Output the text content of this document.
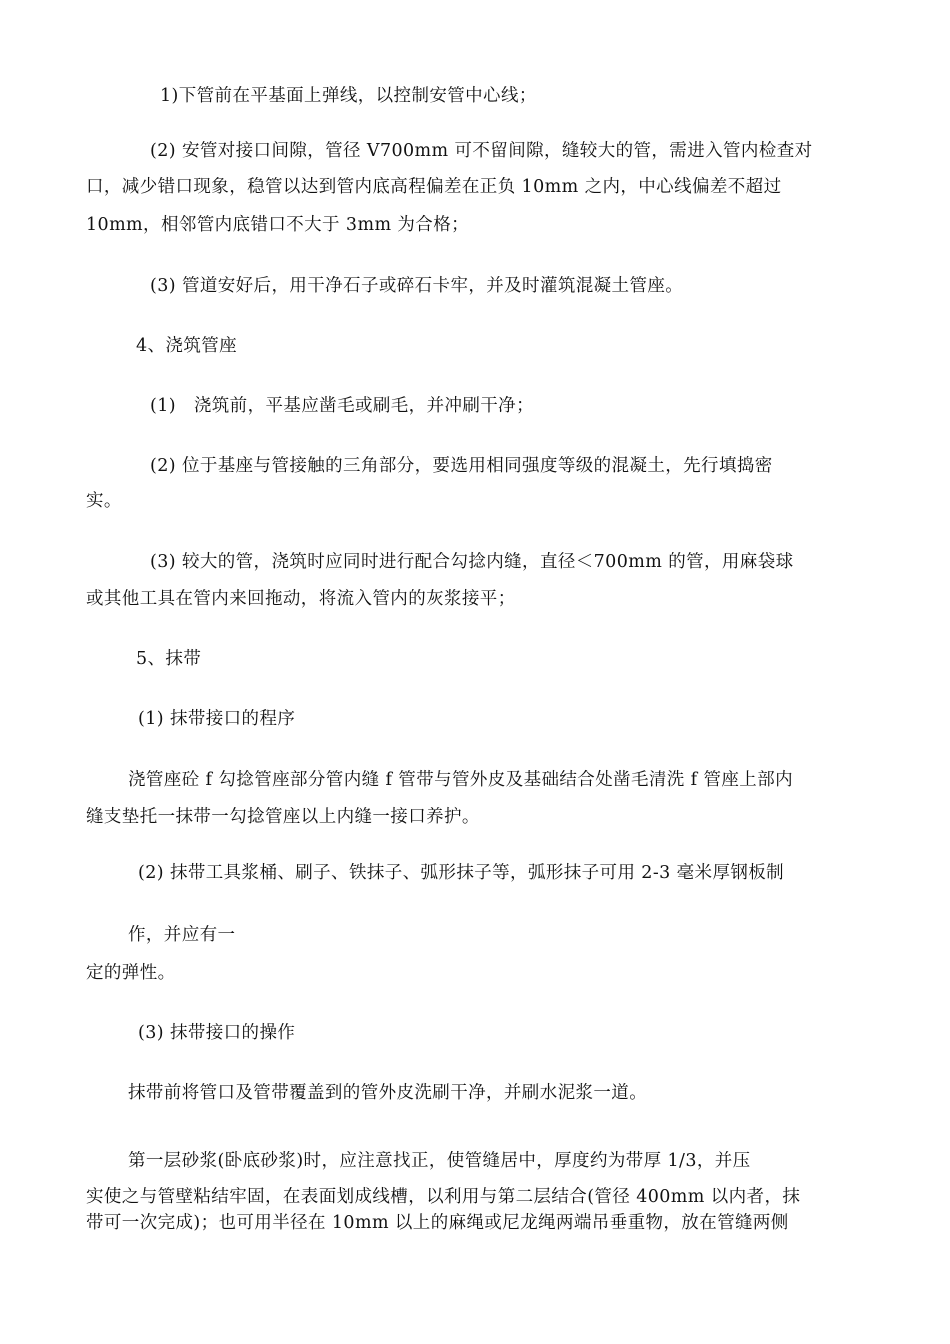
1)下管前在平基面上弹线，以控制安管中心线；
(2) 安管对接口间隙，管径 V700mm 可不留间隙，缝较大的管，需进入管内检查对
口，减少错口现象，稳管以达到管内底高程偏差在正负 10mm 之内，中心线偏差不超过
10mm，相邻管内底错口不大于 3mm 为合格；
(3) 管道安好后，用干净石子或碎石卡牢，并及时灌筑混凝土管座。
4、浇筑管座
(1)   浇筑前，平基应凿毛或刷毛，并冲刷干净；
(2) 位于基座与管接触的三角部分，要选用相同强度等级的混凝土，先行填捣密
实。
(3) 较大的管，浇筑时应同时进行配合勾捻内缝，直径＜700mm 的管，用麻袋球
或其他工具在管内来回拖动，将流入管内的灰浆接平；
5、抹带
(1) 抹带接口的程序
浇管座砼 f 勾捻管座部分管内缝 f 管带与管外皮及基础结合处凿毛清洗 f 管座上部内
缝支垫托一抹带一勾捻管座以上内缝一接口养护。
(2) 抹带工具浆桶、刷子、铁抹子、弧形抹子等，弧形抹子可用 2-3 毫米厚钢板制
作，并应有一
定的弹性。
(3) 抹带接口的操作
抹带前将管口及管带覆盖到的管外皮洗刷干净，并刷水泥浆一道。
第一层砂浆(卧底砂浆)时，应注意找正，使管缝居中，厚度约为带厚 1/3，并压
实使之与管壁粘结牢固，在表面划成线槽，以利用与第二层结合(管径 400mm 以内者，抹
带可一次完成)；也可用半径在 10mm 以上的麻绳或尼龙绳两端吊垂重物，放在管缝两侧
